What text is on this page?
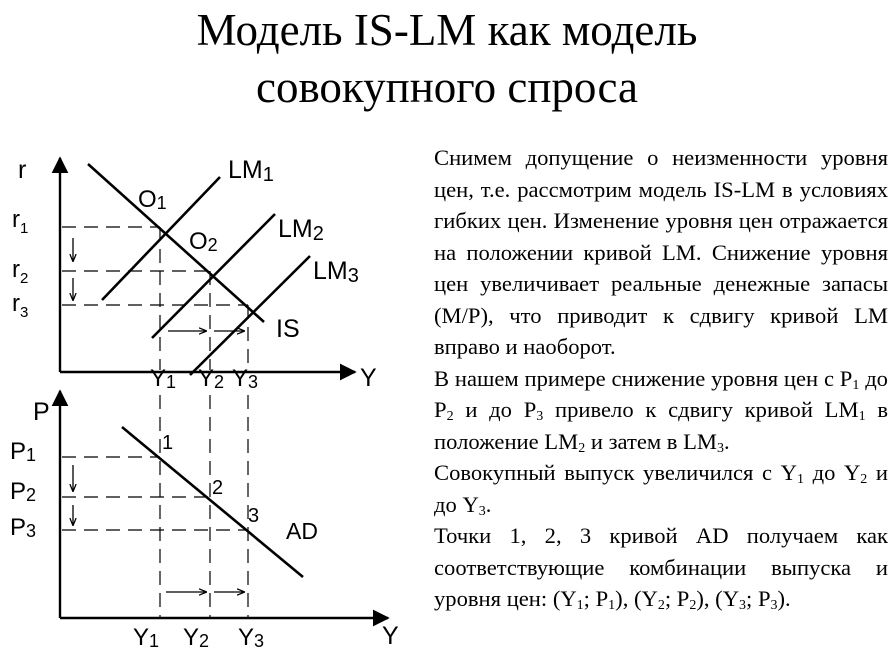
Модель IS-LM как модель
совокупного спроса
r
Y
$r_1$
$r_2$
$r_3$
LM1
LM2
LM3
IS
O1
O2
Y1 Y2 Y3
P
Y
P1
P2
P3	AD
1
2
3
Y1 Y2 Y3

Снимем допущение о неизменности уровня цен, т.е. рассмотрим модель IS-LM в условиях гибких цен. Изменение уровня цен отражается на положении кривой LM. Снижение уровня цен увеличивает реальные денежные запасы (M/P), что приводит к сдвигу кривой LM вправо и наоборот.

В нашем примере снижение уровня цен с $P_1$ до $P_2$ и до $P_3$ привело к сдвигу кривой $LM_1$ в положение $LM_2$ и затем в $LM_3$.

Совокупный выпуск увеличился с $Y_1$ до $Y_2$ и до $Y_3$.

Точки 1, 2, 3 кривой AD получаем как соответствующие комбинации выпуска и уровня цен: ($Y_1$; $P_1$), ($Y_2$; $P_2$), ($Y_3$; $P_3$).
